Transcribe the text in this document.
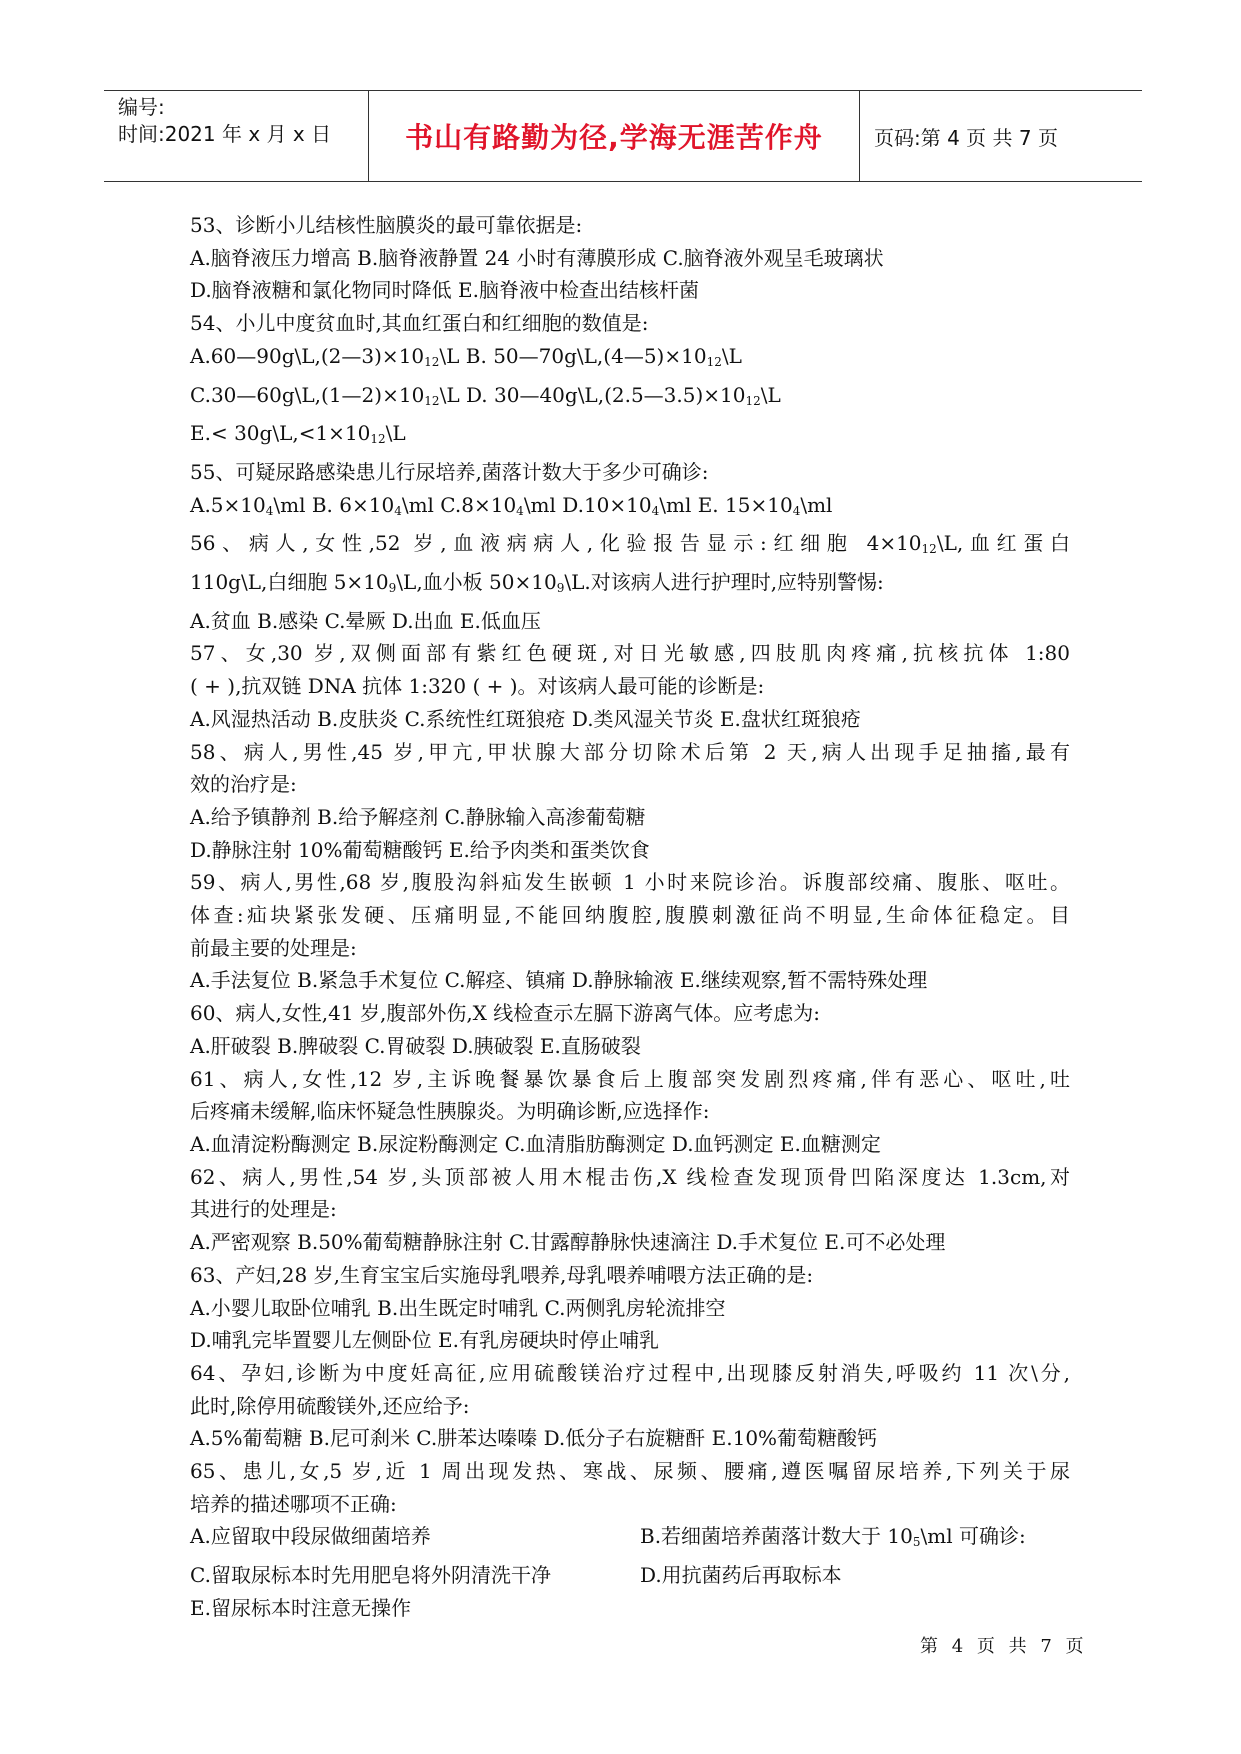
编号:
时间:2021 年 x 月 x 日	书山有路勤为径,学海无涯苦作舟	页码:第 4 页 共 7 页
53、诊断小儿结核性脑膜炎的最可靠依据是:
A.脑脊液压力增高 B.脑脊液静置 24 小时有薄膜形成 C.脑脊液外观呈毛玻璃状
D.脑脊液糖和氯化物同时降低 E.脑脊液中检查出结核杆菌
54、小儿中度贫血时,其血红蛋白和红细胞的数值是:
$A.60—90g\backslash L,(2—3)\times 10_{12}\backslash L$ B. $50—70g\backslash L,(4—5)\times 10_{12}\backslash L$
$C.30—60g\backslash L,(1—2)\times 10_{12}\backslash L$ D. $30—40g\backslash L,(2.5—3.5)\times 10_{12}\backslash L$
$E.< 30g\backslash L,<1\times 10_{12}\backslash L$
55、可疑尿路感染患儿行尿培养,菌落计数大于多少可确诊:
$A.5\times 10_4\backslash ml$ B. $6\times 10_4\backslash ml$ $C.8\times 10_4\backslash ml$ $D.10\times 10_4\backslash ml$ E. $15\times 10_4\backslash ml$
56、病人,女性,52 岁,血液病病人,化验报告显示:红细胞 $4\times 10_{12}\backslash L$,血红蛋白
110g\L,白细胞 $5\times 10_9\backslash L$,血小板 $50\times 10_9\backslash L$.对该病人进行护理时,应特别警惕:
A.贫血 B.感染 C.晕厥 D.出血 E.低血压
57、女,30 岁,双侧面部有紫红色硬斑,对日光敏感,四肢肌肉疼痛,抗核抗体 1:80
( + ),抗双链 DNA 抗体 1:320 ( + )。对该病人最可能的诊断是:
A.风湿热活动 B.皮肤炎 C.系统性红斑狼疮 D.类风湿关节炎 E.盘状红斑狼疮
58、病人,男性,45 岁,甲亢,甲状腺大部分切除术后第 2 天,病人出现手足抽搐,最有
效的治疗是:
A.给予镇静剂 B.给予解痉剂 C.静脉输入高渗葡萄糖
D.静脉注射 10%葡萄糖酸钙 E.给予肉类和蛋类饮食
59、病人,男性,68 岁,腹股沟斜疝发生嵌顿 1 小时来院诊治。诉腹部绞痛、腹胀、呕吐。
体查:疝块紧张发硬、压痛明显,不能回纳腹腔,腹膜刺激征尚不明显,生命体征稳定。目
前最主要的处理是:
A.手法复位 B.紧急手术复位 C.解痉、镇痛 D.静脉输液 E.继续观察,暂不需特殊处理
60、病人,女性,41 岁,腹部外伤,X 线检查示左膈下游离气体。应考虑为:
A.肝破裂 B.脾破裂 C.胃破裂 D.胰破裂 E.直肠破裂
61、病人,女性,12 岁,主诉晚餐暴饮暴食后上腹部突发剧烈疼痛,伴有恶心、呕吐,吐
后疼痛未缓解,临床怀疑急性胰腺炎。为明确诊断,应选择作:
A.血清淀粉酶测定 B.尿淀粉酶测定 C.血清脂肪酶测定 D.血钙测定 E.血糖测定
62、病人,男性,54 岁,头顶部被人用木棍击伤,X 线检查发现顶骨凹陷深度达 1.3cm,对
其进行的处理是:
A.严密观察 B.50%葡萄糖静脉注射 C.甘露醇静脉快速滴注 D.手术复位 E.可不必处理
63、产妇,28 岁,生育宝宝后实施母乳喂养,母乳喂养哺喂方法正确的是:
A.小婴儿取卧位哺乳 B.出生既定时哺乳 C.两侧乳房轮流排空
D.哺乳完毕置婴儿左侧卧位 E.有乳房硬块时停止哺乳
64、孕妇,诊断为中度妊高征,应用硫酸镁治疗过程中,出现膝反射消失,呼吸约 11 次\分,
此时,除停用硫酸镁外,还应给予:
A.5%葡萄糖 B.尼可刹米 C.肼苯达嗪嗪 D.低分子右旋糖酐 E.10%葡萄糖酸钙
65、患儿,女,5 岁,近 1 周出现发热、寒战、尿频、腰痛,遵医嘱留尿培养,下列关于尿
培养的描述哪项不正确:
A.应留取中段尿做细菌培养	B.若细菌培养菌落计数大于 $10_5\backslash ml$ 可确诊:
C.留取尿标本时先用肥皂将外阴清洗干净	D.用抗菌药后再取标本
E.留尿标本时注意无操作
第 4 页 共 7 页
